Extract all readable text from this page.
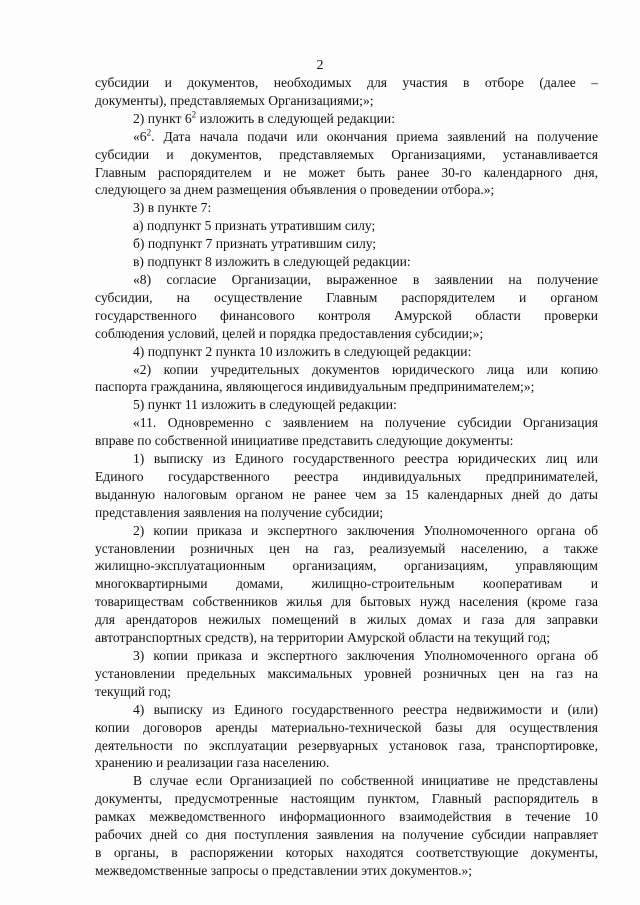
2

субсидии и документов, необходимых для участия в отборе (далее –

документы), представляемых Организациями;»;

2) пункт $6^2$ изложить в следующей редакции:

«$6^2$. Дата начала подачи или окончания приема заявлений на получение

субсидии и документов, представляемых Организациями, устанавливается

Главным распорядителем и не может быть ранее 30-го календарного дня,

следующего за днем размещения объявления о проведении отбора.»;

3) в пункте 7:

а) подпункт 5 признать утратившим силу;

б) подпункт 7 признать утратившим силу;

в) подпункт 8 изложить в следующей редакции:

«8) согласие Организации, выраженное в заявлении на получение

субсидии, на осуществление Главным распорядителем и органом

государственного финансового контроля Амурской области проверки

соблюдения условий, целей и порядка предоставления субсидии;»;

4) подпункт 2 пункта 10 изложить в следующей редакции:

«2) копии учредительных документов юридического лица или копию

паспорта гражданина, являющегося индивидуальным предпринимателем;»;

5) пункт 11 изложить в следующей редакции:

«11. Одновременно с заявлением на получение субсидии Организация

вправе по собственной инициативе представить следующие документы:

1) выписку из Единого государственного реестра юридических лиц или

Единого государственного реестра индивидуальных предпринимателей,

выданную налоговым органом не ранее чем за 15 календарных дней до даты

представления заявления на получение субсидии;

2) копии приказа и экспертного заключения Уполномоченного органа об

установлении розничных цен на газ, реализуемый населению, а также

жилищно-эксплуатационным организациям, организациям, управляющим

многоквартирными домами, жилищно-строительным кооперативам и

товариществам собственников жилья для бытовых нужд населения (кроме газа

для арендаторов нежилых помещений в жилых домах и газа для заправки

автотранспортных средств), на территории Амурской области на текущий год;

3) копии приказа и экспертного заключения Уполномоченного органа об

установлении предельных максимальных уровней розничных цен на газ на

текущий год;

4) выписку из Единого государственного реестра недвижимости и (или)

копии договоров аренды материально-технической базы для осуществления

деятельности по эксплуатации резервуарных установок газа, транспортировке,

хранению и реализации газа населению.

В случае если Организацией по собственной инициативе не представлены

документы, предусмотренные настоящим пунктом, Главный распорядитель в

рамках межведомственного информационного взаимодействия в течение 10

рабочих дней со дня поступления заявления на получение субсидии направляет

в органы, в распоряжении которых находятся соответствующие документы,

межведомственные запросы о представлении этих документов.»;
